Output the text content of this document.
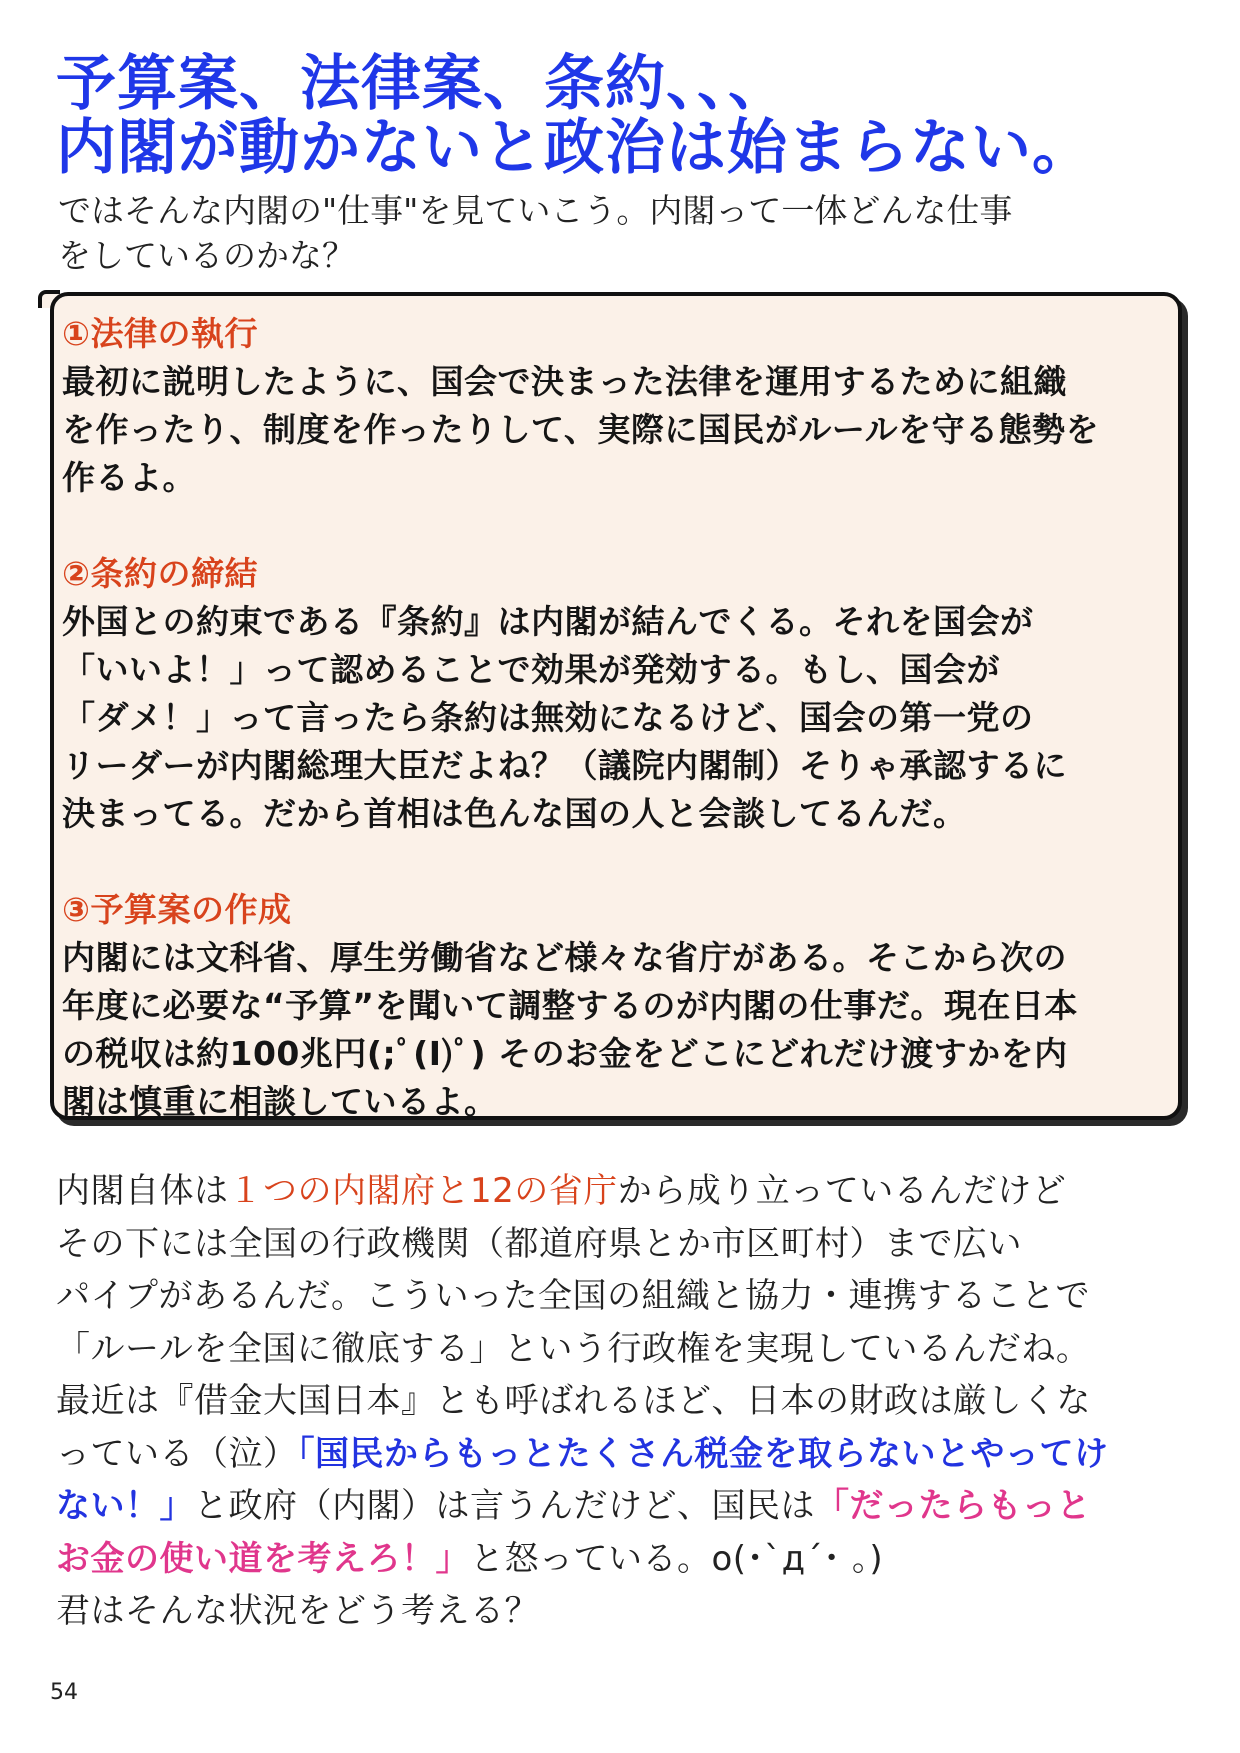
予算案、法律案、条約、、、
内閣が動かないと政治は始まらない。
ではそんな内閣の"仕事"を見ていこう。内閣って一体どんな仕事
をしているのかな？
①法律の執行
最初に説明したように、国会で決まった法律を運用するために組織
を作ったり、制度を作ったりして、実際に国民がルールを守る態勢を
作るよ。
②条約の締結
外国との約束である『条約』は内閣が結んでくる。それを国会が
「いいよ！」って認めることで効果が発効する。もし、国会が
「ダメ！」って言ったら条約は無効になるけど、国会の第一党の
リーダーが内閣総理大臣だよね？（議院内閣制）そりゃ承認するに
決まってる。だから首相は色んな国の人と会談してるんだ。
③予算案の作成
内閣には文科省、厚生労働省など様々な省庁がある。そこから次の
年度に必要な“予算”を聞いて調整するのが内閣の仕事だ。現在日本
の税収は約100兆円(;ﾟ(I)ﾟ) そのお金をどこにどれだけ渡すかを内
閣は慎重に相談しているよ。
内閣自体は１つの内閣府と12の省庁から成り立っているんだけど
その下には全国の行政機関（都道府県とか市区町村）まで広い
パイプがあるんだ。こういった全国の組織と協力・連携することで
「ルールを全国に徹底する」という行政権を実現しているんだね。
最近は『借金大国日本』とも呼ばれるほど、日本の財政は厳しくな
っている（泣）「国民からもっとたくさん税金を取らないとやってけ
ない！」と政府（内閣）は言うんだけど、国民は「だったらもっと
お金の使い道を考えろ！」と怒っている。o(･`д´･ 。)
君はそんな状況をどう考える？
54
